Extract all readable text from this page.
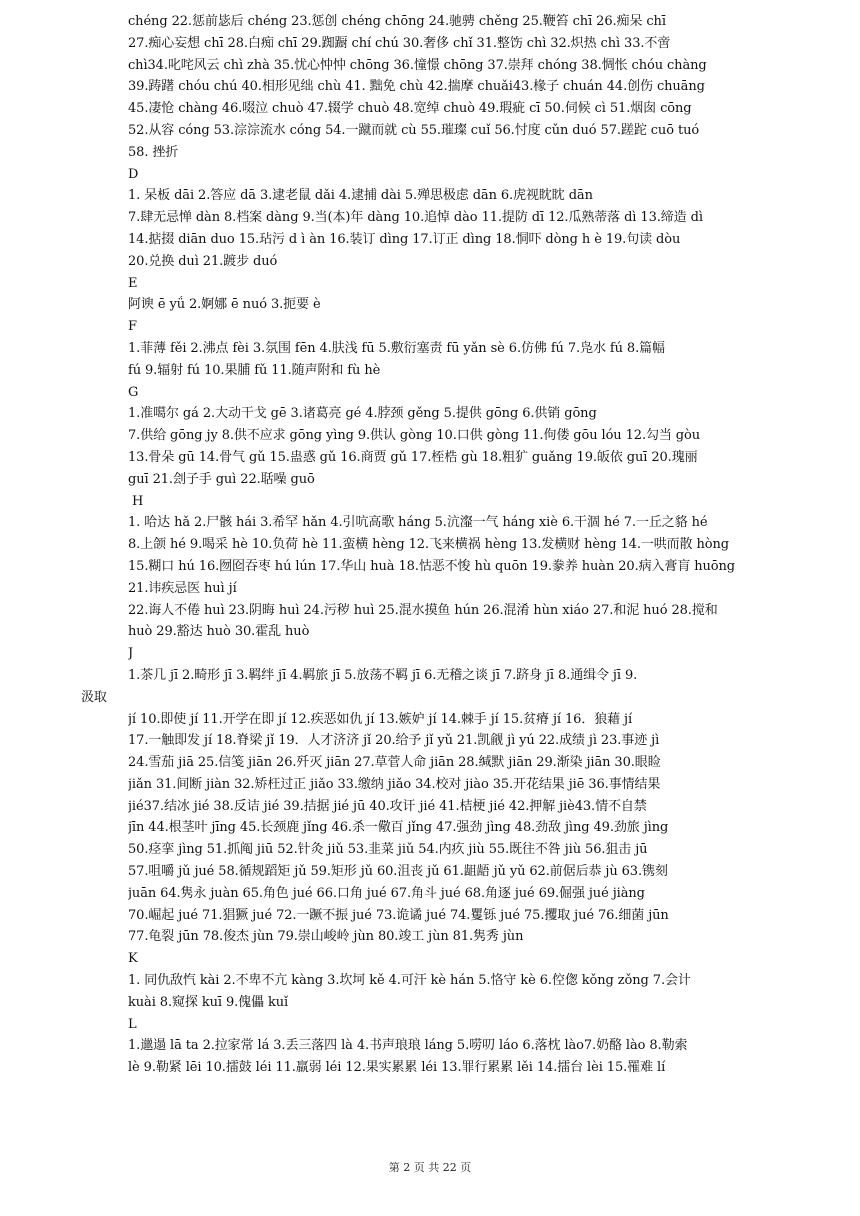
chéng 22.惩前毖后 chéng 23.惩创 chéng chōng 24.驰骋 chěng 25.鞭笞 chī 26.痴呆 chī
27.痴心妄想 chī 28.白痴 chī 29.踟蹰 chí chú 30.奢侈 chǐ 31.整饬 chì 32.炽热 chì 33.不啻
chì34.叱咤风云 chì zhà 35.忧心忡忡 chōng 36.憧憬 chōng 37.崇拜 chóng 38.惆怅 chóu chàng
39.踌躇 chóu chú 40.相形见绌 chù 41. 黜免 chù 42.揣摩 chuǎi43.椽子 chuán 44.创伤 chuāng
45.凄怆 chàng 46.啜泣 chuò 47.辍学 chuò 48.宽绰 chuò 49.瑕疵 cī 50.伺候 cì 51.烟囱 cōng
52.从容 cóng 53.淙淙流水 cóng 54.一蹴而就 cù 55.璀璨 cuǐ 56.忖度 cǔn duó 57.蹉跎 cuō tuó
58. 挫折
D
1. 呆板 dāi 2.答应 dā 3.逮老鼠 dǎi 4.逮捕 dài 5.殚思极虑 dān 6.虎视眈眈 dān
7.肆无忌惮 dàn 8.档案 dàng 9.当(本)年 dàng 10.追悼 dào 11.提防 dī 12.瓜熟蒂落 dì 13.缔造 dì
14.掂掇 diān duo 15.玷污 d ì àn 16.装订 dìng 17.订正 dìng 18.恫吓 dòng h è 19.句读 dòu
20.兑换 duì 21.踱步 duó
E
阿谀 ē yǘ 2.婀娜 ē nuó 3.扼要 è
F
1.菲薄 fěi 2.沸点 fèi 3.氛围 fēn 4.肤浅 fū 5.敷衍塞责 fū yǎn sè 6.仿佛 fú 7.凫水 fú 8.篇幅
fú 9.辐射 fú 10.果脯 fǔ 11.随声附和 fù hè
G
1.准噶尔 gá 2.大动干戈 gē 3.诸葛亮 gé 4.脖颈 gěng 5.提供 gōng 6.供销 gōng
7.供给 gōng jy 8.供不应求 gōng yìng 9.供认 gòng 10.口供 gòng 11.佝偻 gōu lóu 12.勾当 gòu
13.骨朵 gū 14.骨气 gǔ 15.蛊惑 gǔ 16.商贾 gǔ 17.桎梏 gù 18.粗犷 guǎng 19.皈依 guī 20.瑰丽
guī 21.刽子手 guì 22.聒噪 guō
H
1. 哈达 hǎ 2.尸骸 hái 3.希罕 hǎn 4.引吭高歌 háng 5.沆瀣一气 háng xiè 6.干涸 hé 7.一丘之貉 hé
8.上颌 hé 9.喝采 hè 10.负荷 hè 11.蛮横 hèng 12.飞来横祸 hèng 13.发横财 hèng 14.一哄而散 hòng
15.糊口 hú 16.囫囵吞枣 hú lún 17.华山 huà 18.怙恶不悛 hù quōn 19.豢养 huàn 20.病入膏肓 huōng
21.讳疾忌医 huì jí
22.诲人不倦 huì 23.阴晦 huì 24.污秽 huì 25.混水摸鱼 hún 26.混淆 hùn xiáo 27.和泥 huó 28.搅和
huò 29.豁达 huò 30.霍乱 huò
J
1.茶几 jī 2.畸形 jī 3.羁绊 jī 4.羁旅 jī 5.放荡不羁 jī 6.无稽之谈 jī 7.跻身 jī 8.通缉令 jī 9.
汲取
jí 10.即使 jí 11.开学在即 jí 12.疾恶如仇 jí 13.嫉妒 jí 14.棘手 jí 15.贫瘠 jí 16．狼藉 jí
17.一触即发 jí 18.脊梁 jǐ 19．人才济济 jǐ 20.给予 jǐ yǔ 21.凯觎 jì yú 22.成绩 jì 23.事迹 jì
24.雪茄 jiā 25.信笺 jiān 26.歼灭 jiān 27.草菅人命 jiān 28.缄默 jiān 29.渐染 jiān 30.眼睑
jiǎn 31.间断 jiàn 32.矫枉过正 jiǎo 33.缴纳 jiǎo 34.校对 jiào 35.开花结果 jiē 36.事情结果
jié37.结冰 jié 38.反诘 jié 39.拮据 jié jū 40.攻讦 jié 41.桔梗 jié 42.押解 jiè43.情不自禁
jīn 44.根茎叶 jīng 45.长颈鹿 jǐng 46.杀一儆百 jǐng 47.强劲 jìng 48.劲敌 jìng 49.劲旅 jìng
50.痉挛 jìng 51.抓阄 jiū 52.针灸 jiǔ 53.韭菜 jiǔ 54.内疚 jiù 55.既往不咎 jiù 56.狙击 jū
57.咀嚼 jǔ jué 58.循规蹈矩 jǔ 59.矩形 jǔ 60.沮丧 jǔ 61.龃龉 jǔ yǔ 62.前倨后恭 jù 63.镌刻
juān 64.隽永 juàn 65.角色 jué 66.口角 jué 67.角斗 jué 68.角逐 jué 69.倔强 jué jiàng
70.崛起 jué 71.猖獗 jué 72.一蹶不振 jué 73.诡谲 jué 74.矍铄 jué 75.攫取 jué 76.细菌 jūn
77.龟裂 jūn 78.俊杰 jùn 79.崇山峻岭 jùn 80.竣工 jùn 81.隽秀 jùn
K
1. 同仇敌忾 kài 2.不卑不亢 kàng 3.坎坷 kě 4.可汗 kè hán 5.恪守 kè 6.倥偬 kǒng zǒng 7.会计
kuài 8.窥探 kuī 9.傀儡 kuǐ
L
1.邋遢 lā ta 2.拉家常 lá 3.丢三落四 là 4.书声琅琅 láng 5.唠叨 láo 6.落枕 lào7.奶酪 lào 8.勒索
lè 9.勒紧 lēi 10.擂鼓 léi 11.羸弱 léi 12.果实累累 léi 13.罪行累累 lěi 14.擂台 lèi 15.罹难 lí
第 2 页 共 22 页
